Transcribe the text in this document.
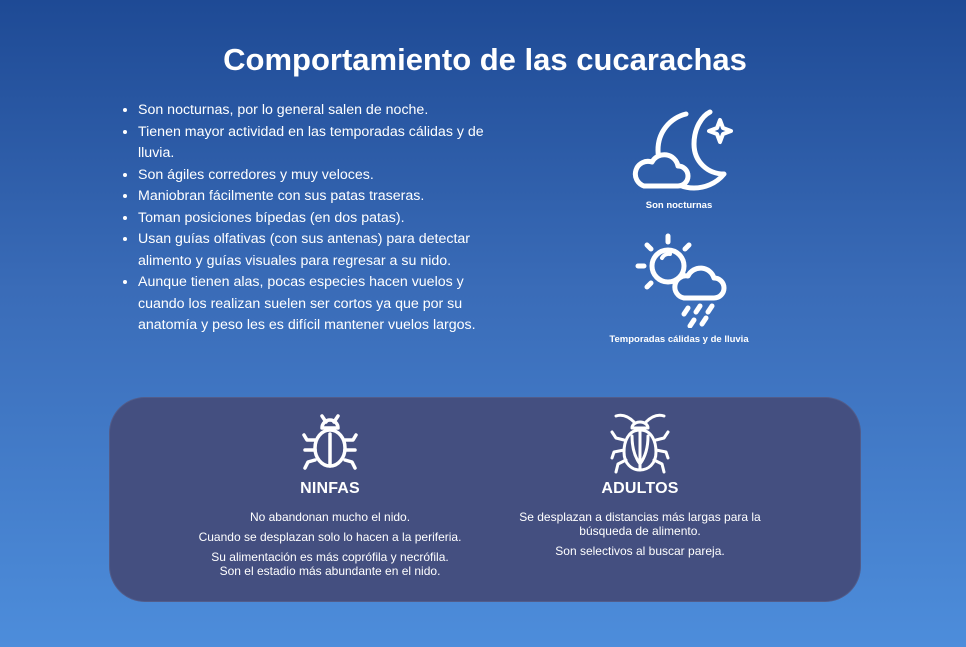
Comportamiento de las cucarachas
• Son nocturnas, por lo general salen de noche.
• Tienen mayor actividad en las temporadas cálidas y de lluvia.
• Son ágiles corredores y muy veloces.
• Maniobran fácilmente con sus patas traseras.
• Toman posiciones bípedas (en dos patas).
• Usan guías olfativas (con sus antenas) para detectar alimento y guías visuales para regresar a su nido.
• Aunque tienen alas, pocas especies hacen vuelos y cuando los realizan suelen ser cortos ya que por su anatomía y peso les es difícil mantener vuelos largos.
Son nocturnas
Temporadas cálidas y de lluvia
NINFAS
No abandonan mucho el nido.
Cuando se desplazan solo lo hacen a la periferia.
Su alimentación es más coprófila y necrófila.
Son el estadio más abundante en el nido.
ADULTOS
Se desplazan a distancias más largas para la
búsqueda de alimento.
Son selectivos al buscar pareja.
